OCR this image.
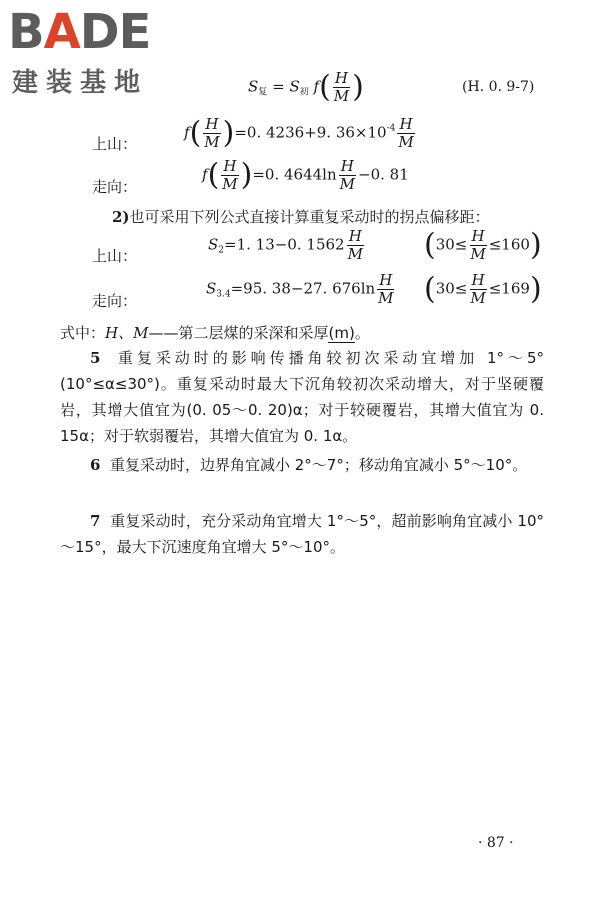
BADE
建装基地	$S_复 = S_初$ $f( \frac{H}{M}$ )	(H. 0. 9-7)
上山：
$f( \frac{H}{M} )=0$. 4236+9. $36\times 10^{-4} \frac{H}{M}$
走向：
$f( \frac{H}{M} )=0$. $4644\ln \frac{H}{M} -0$. 81
2)也可采用下列公式直接计算重复采动时的拐点偏移距：
上山：
$S_2=1$. 13−0. $1562 \frac{H}{M} (30\le \frac{H}{M} \le 160)$
走向：
$S_{3.4}=95$. 38−27. $676\ln \frac{H}{M} (30\le \frac{H}{M} \le 169)$
式中：H、M——第二层煤的采深和采厚(m)。
5 重复采动时的影响传播角较初次采动宜增加 1°～5°(10°≤α≤30°)。重复采动时最大下沉角较初次采动增大，对于坚硬覆岩，其增大值宜为(0. 05～0. 20)α；对于较硬覆岩，其增大值宜为 0. 15α；对于软弱覆岩，其增大值宜为 0. 1α。
6 重复采动时，边界角宜减小 2°～7°；移动角宜减小 5°～10°。
7 重复采动时，充分采动角宜增大 1°～5°，超前影响角宜减小 10°～15°，最大下沉速度角宜增大 5°～10°。
· 87 ·
